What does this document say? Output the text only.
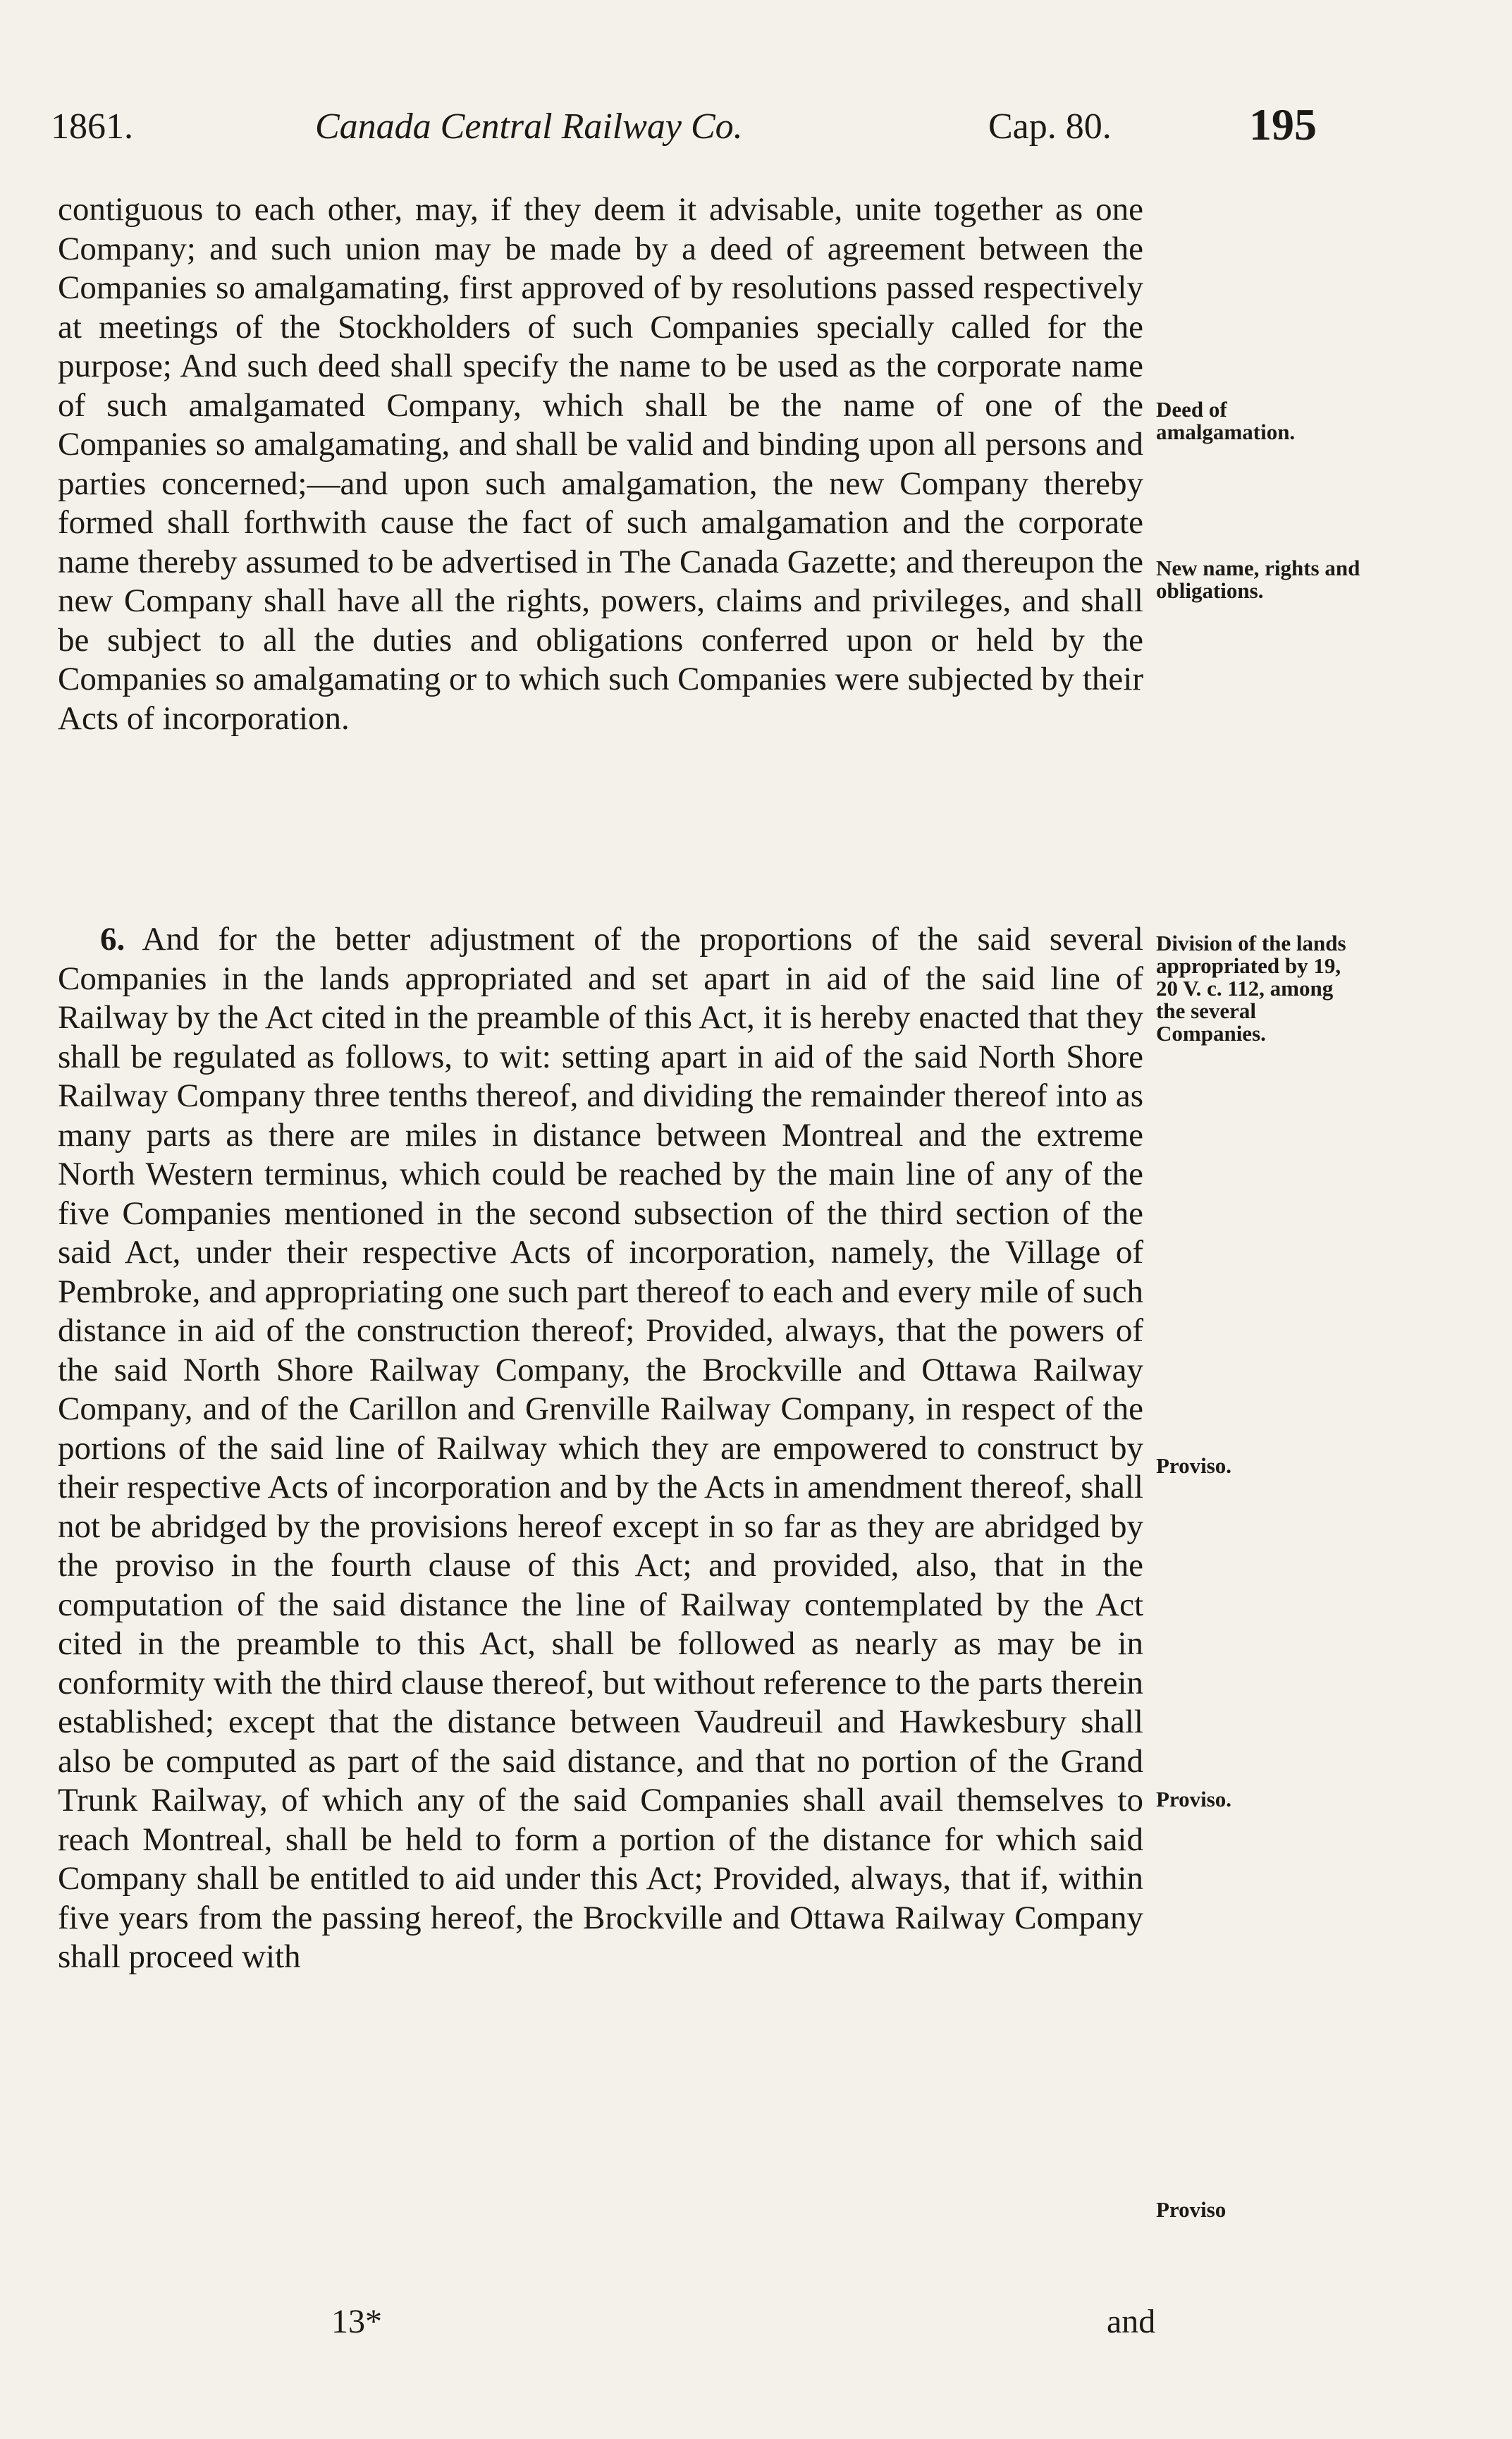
1861.	Canada Central Railway Co.	Cap. 80.	195

contiguous to each other, may, if they deem it advisable, unite together as one Company; and such union may be made by a deed of agreement between the Companies so amalgamating, first approved of by resolutions passed respectively at meetings of the Stockholders of such Companies specially called for the purpose; And such deed shall specify the name to be used as the corporate name of such amalgamated Company, which shall be the name of one of the Companies so amalgamating, and shall be valid and binding upon all persons and parties concerned;—and upon such amalgamation, the new Company thereby formed shall forthwith cause the fact of such amalgamation and the corporate name thereby assumed to be advertised in The Canada Gazette; and thereupon the new Company shall have all the rights, powers, claims and privileges, and shall be subject to all the duties and obligations conferred upon or held by the Companies so amalgamating or to which such Companies were subjected by their Acts of incorporation.

6. And for the better adjustment of the proportions of the said several Companies in the lands appropriated and set apart in aid of the said line of Railway by the Act cited in the preamble of this Act, it is hereby enacted that they shall be regulated as follows, to wit: setting apart in aid of the said North Shore Railway Company three tenths thereof, and dividing the remainder thereof into as many parts as there are miles in distance between Montreal and the extreme North Western terminus, which could be reached by the main line of any of the five Companies mentioned in the second subsection of the third section of the said Act, under their respective Acts of incorporation, namely, the Village of Pembroke, and appropriating one such part thereof to each and every mile of such distance in aid of the construction thereof; Provided, always, that the powers of the said North Shore Railway Company, the Brockville and Ottawa Railway Company, and of the Carillon and Grenville Railway Company, in respect of the portions of the said line of Railway which they are empowered to construct by their respective Acts of incorporation and by the Acts in amendment thereof, shall not be abridged by the provisions hereof except in so far as they are abridged by the proviso in the fourth clause of this Act; and provided, also, that in the computation of the said distance the line of Railway contemplated by the Act cited in the preamble to this Act, shall be followed as nearly as may be in conformity with the third clause thereof, but without reference to the parts therein established; except that the distance between Vaudreuil and Hawkesbury shall also be computed as part of the said distance, and that no portion of the Grand Trunk Railway, of which any of the said Companies shall avail themselves to reach Montreal, shall be held to form a portion of the distance for which said Company shall be entitled to aid under this Act; Provided, always, that if, within five years from the passing hereof, the Brockville and Ottawa Railway Company shall proceed with

Deed of amalgamation.
New name, rights and obligations.
Division of the lands appropriated by 19, 20 V. c. 112, among the several Companies.
Proviso.
Proviso.
Proviso
13*	and
